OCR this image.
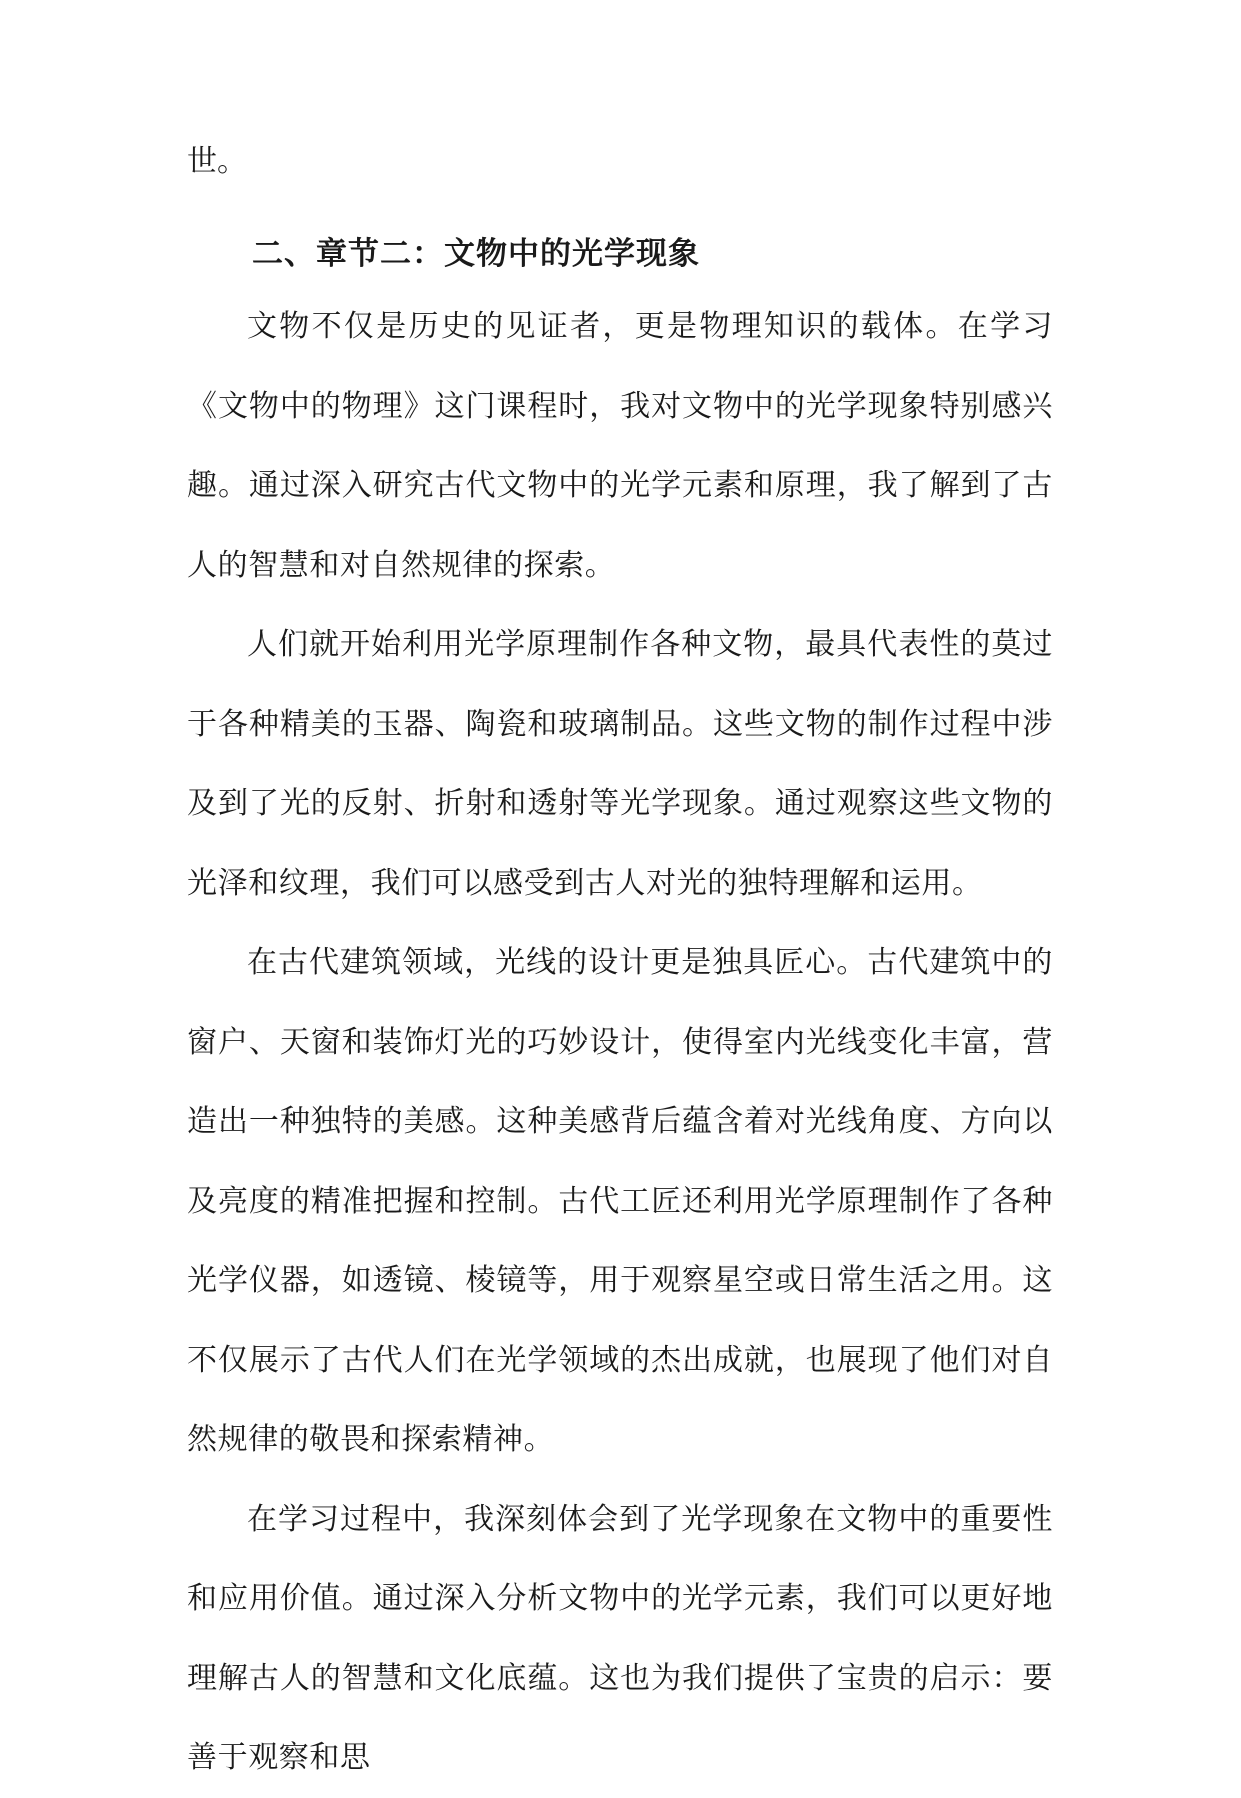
世。
二、章节二：文物中的光学现象

文物不仅是历史的见证者，更是物理知识的载体。在学习《文物中的物理》这门课程时，我对文物中的光学现象特别感兴趣。通过深入研究古代文物中的光学元素和原理，我了解到了古人的智慧和对自然规律的探索。

人们就开始利用光学原理制作各种文物，最具代表性的莫过于各种精美的玉器、陶瓷和玻璃制品。这些文物的制作过程中涉及到了光的反射、折射和透射等光学现象。通过观察这些文物的光泽和纹理，我们可以感受到古人对光的独特理解和运用。

在古代建筑领域，光线的设计更是独具匠心。古代建筑中的窗户、天窗和装饰灯光的巧妙设计，使得室内光线变化丰富，营造出一种独特的美感。这种美感背后蕴含着对光线角度、方向以及亮度的精准把握和控制。古代工匠还利用光学原理制作了各种光学仪器，如透镜、棱镜等，用于观察星空或日常生活之用。这不仅展示了古代人们在光学领域的杰出成就，也展现了他们对自然规律的敬畏和探索精神。

在学习过程中，我深刻体会到了光学现象在文物中的重要性和应用价值。通过深入分析文物中的光学元素，我们可以更好地理解古人的智慧和文化底蕴。这也为我们提供了宝贵的启示：要善于观察和思
